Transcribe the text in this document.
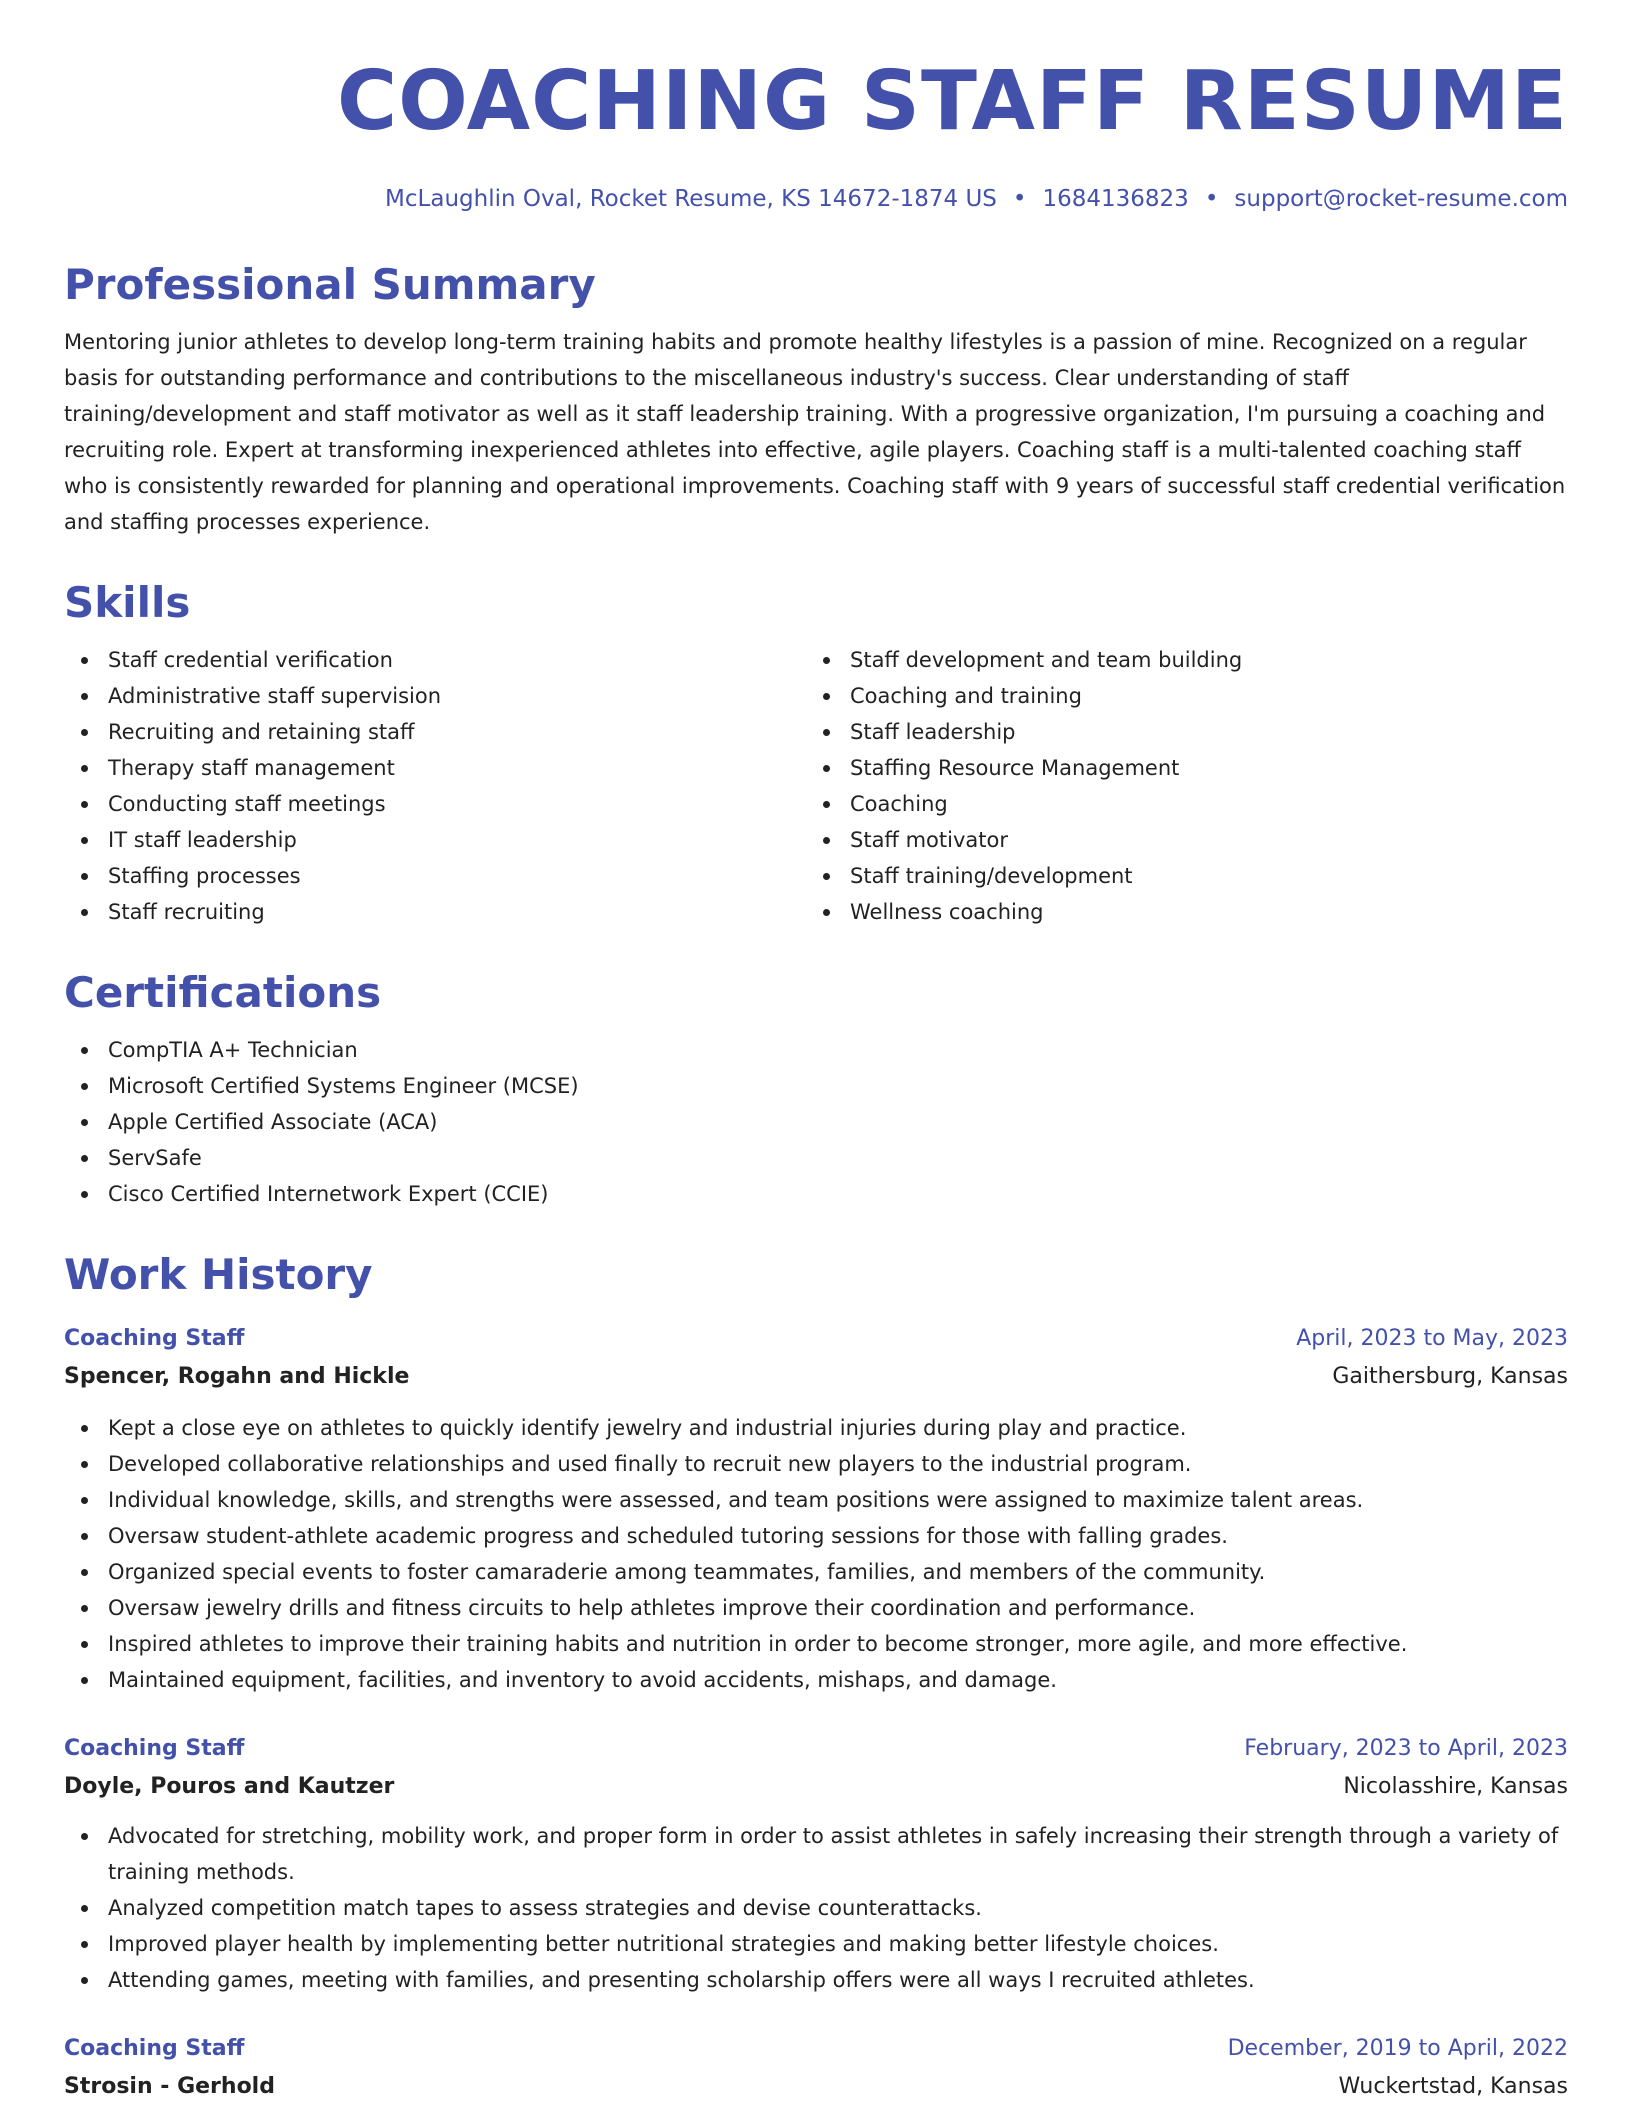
COACHING STAFF RESUME
McLaughlin Oval, Rocket Resume, KS 14672-1874 US • 1684136823 • support@rocket-resume.com
Professional Summary
Mentoring junior athletes to develop long-term training habits and promote healthy lifestyles is a passion of mine. Recognized on a regular basis for outstanding performance and contributions to the miscellaneous industry's success. Clear understanding of staff training/development and staff motivator as well as it staff leadership training. With a progressive organization, I'm pursuing a coaching and recruiting role. Expert at transforming inexperienced athletes into effective, agile players. Coaching staff is a multi-talented coaching staff who is consistently rewarded for planning and operational improvements. Coaching staff with 9 years of successful staff credential verification and staffing processes experience.
Skills
Staff credential verification
Administrative staff supervision
Recruiting and retaining staff
Therapy staff management
Conducting staff meetings
IT staff leadership
Staffing processes
Staff recruiting
Staff development and team building
Coaching and training
Staff leadership
Staffing Resource Management
Coaching
Staff motivator
Staff training/development
Wellness coaching
Certifications
CompTIA A+ Technician
Microsoft Certified Systems Engineer (MCSE)
Apple Certified Associate (ACA)
ServSafe
Cisco Certified Internetwork Expert (CCIE)
Work History
Coaching Staff	April, 2023 to May, 2023
Spencer, Rogahn and Hickle	Gaithersburg, Kansas
Kept a close eye on athletes to quickly identify jewelry and industrial injuries during play and practice.
Developed collaborative relationships and used finally to recruit new players to the industrial program.
Individual knowledge, skills, and strengths were assessed, and team positions were assigned to maximize talent areas.
Oversaw student-athlete academic progress and scheduled tutoring sessions for those with falling grades.
Organized special events to foster camaraderie among teammates, families, and members of the community.
Oversaw jewelry drills and fitness circuits to help athletes improve their coordination and performance.
Inspired athletes to improve their training habits and nutrition in order to become stronger, more agile, and more effective.
Maintained equipment, facilities, and inventory to avoid accidents, mishaps, and damage.
Coaching Staff	February, 2023 to April, 2023
Doyle, Pouros and Kautzer	Nicolasshire, Kansas
Advocated for stretching, mobility work, and proper form in order to assist athletes in safely increasing their strength through a variety of training methods.
Analyzed competition match tapes to assess strategies and devise counterattacks.
Improved player health by implementing better nutritional strategies and making better lifestyle choices.
Attending games, meeting with families, and presenting scholarship offers were all ways I recruited athletes.
Coaching Staff	December, 2019 to April, 2022
Strosin - Gerhold	Wuckertstad, Kansas
